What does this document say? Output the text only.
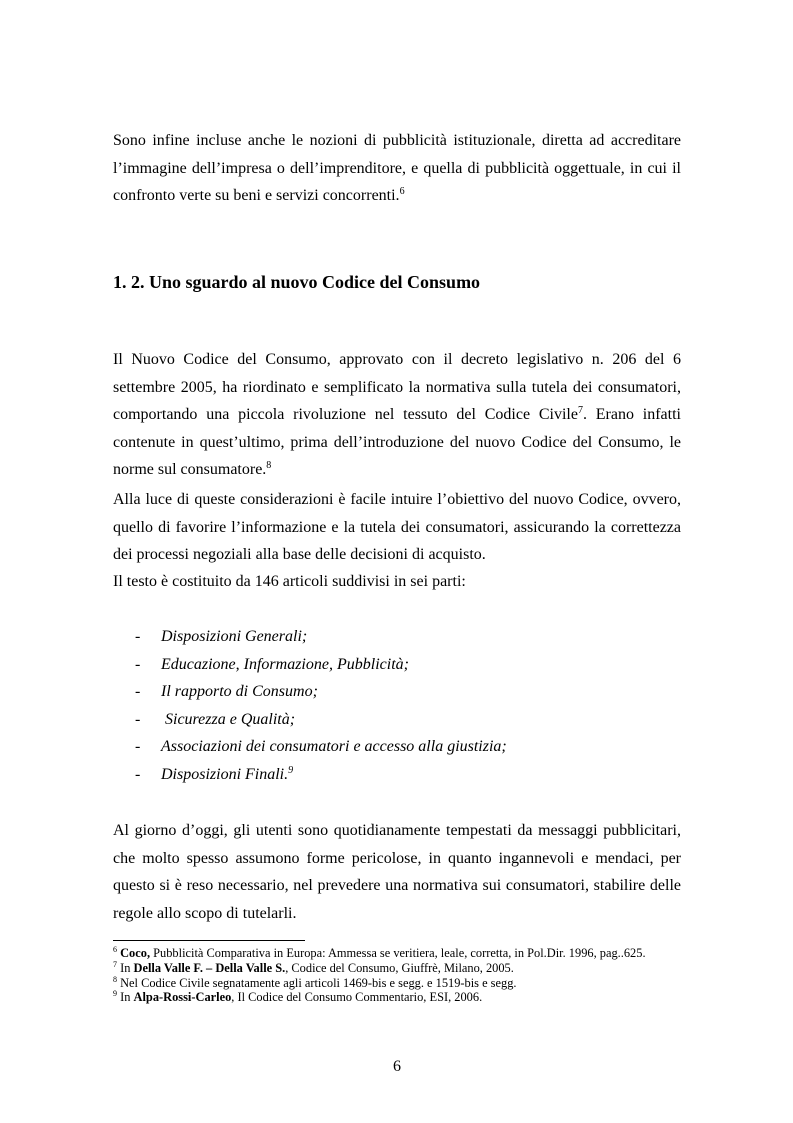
Sono infine incluse anche le nozioni di pubblicità istituzionale, diretta ad accreditare l’immagine dell’impresa o dell’imprenditore, e quella di pubblicità oggettuale, in cui il confronto verte su beni e servizi concorrenti.$^6$

1. 2. Uno sguardo al nuovo Codice del Consumo

Il Nuovo Codice del Consumo, approvato con il decreto legislativo n. 206 del 6 settembre 2005, ha riordinato e semplificato la normativa sulla tutela dei consumatori, comportando una piccola rivoluzione nel tessuto del Codice Civile$^7$. Erano infatti contenute in quest’ultimo, prima dell’introduzione del nuovo Codice del Consumo, le norme sul consumatore.$^8$

Alla luce di queste considerazioni è facile intuire l’obiettivo del nuovo Codice, ovvero, quello di favorire l’informazione e la tutela dei consumatori, assicurando la correttezza dei processi negoziali alla base delle decisioni di acquisto.

Il testo è costituito da 146 articoli suddivisi in sei parti:

- Disposizioni Generali;
- Educazione, Informazione, Pubblicità;
- Il rapporto di Consumo;
- Sicurezza e Qualità;
- Associazioni dei consumatori e accesso alla giustizia;
- Disposizioni Finali.$^9$

Al giorno d’oggi, gli utenti sono quotidianamente tempestati da messaggi pubblicitari, che molto spesso assumono forme pericolose, in quanto ingannevoli e mendaci, per questo si è reso necessario, nel prevedere una normativa sui consumatori, stabilire delle regole allo scopo di tutelarli.

$^6$ Coco, Pubblicità Comparativa in Europa: Ammessa se veritiera, leale, corretta, in Pol.Dir. 1996, pag..625.

$^7$ In Della Valle F. – Della Valle S., Codice del Consumo, Giuffrè, Milano, 2005.

$^8$ Nel Codice Civile segnatamente agli articoli 1469-bis e segg. e 1519-bis e segg.

$^9$ In Alpa-Rossi-Carleo, Il Codice del Consumo Commentario, ESI, 2006.

6
